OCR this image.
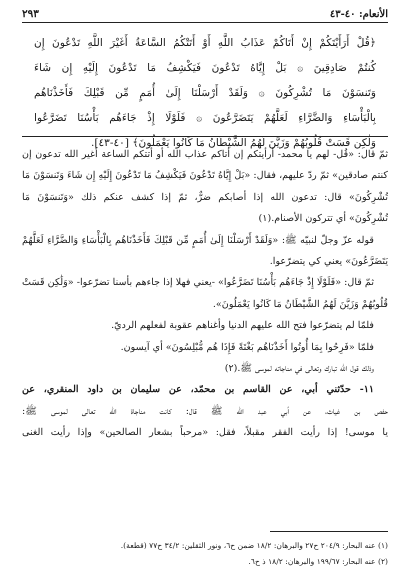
الأنعام: ٤٠-٤٣
٢٩٣
﴿قُلْ أَرَأَيْتَكُمْ إِنْ أَتَاكُمْ عَذَابُ اللَّهِ أَوْ أَتَتْكُمُ السَّاعَةُ أَغَيْرَ اللَّهِ تَدْعُونَ إِن
كُنتُمْ صَادِقِينَ ۞ بَلْ إِيَّاهُ تَدْعُونَ فَيَكْشِفُ مَا تَدْعُونَ إِلَيْهِ إِن شَاءَ
وَتَنسَوْنَ مَا تُشْرِكُونَ ۞ وَلَقَدْ أَرْسَلْنَا إِلَىٰ أُمَمٍ مِّن قَبْلِكَ فَأَخَذْنَاهُم
بِالْبَأْسَاءِ وَالضَّرَّاءِ لَعَلَّهُمْ يَتَضَرَّعُونَ ۞ فَلَوْلَا إِذْ جَاءَهُم بَأْسُنَا تَضَرَّعُوا
وَلَٰكِن قَسَتْ قُلُوبُهُمْ وَزَيَّنَ لَهُمُ الشَّيْطَانُ مَا كَانُوا يَعْمَلُونَ﴾ [٤٠-٤٣].
ثمّ قال: «قُل- لهم يا محمد- أرأيتكم إن أتاكم عذاب الله أو أتتكم الساعة أغير الله تدعون إن
كنتم صادقين» ثمّ ردّ عليهم، فقال: «بَلْ إِيَّاهُ تَدْعُونَ فَيَكْشِفُ مَا تَدْعُونَ إِلَيْهِ إِن شَاءَ وَتَنسَوْنَ مَا
تُشْرِكُونَ» قال: تدعون الله إذا أصابكم ضرٌّ، ثمّ إذا كشف عنكم ذلك «وَتَنسَوْنَ مَا
تُشْرِكُونَ» أي تتركون الأصنام.(١)
قوله عزّ وجلّ لنبيّه ﷺ: «وَلَقَدْ أَرْسَلْنَا إِلَىٰ أُمَمٍ مِّن قَبْلِكَ فَأَخَذْنَاهُم بِالْبَأْسَاءِ وَالضَّرَّاءِ لَعَلَّهُمْ
يَتَضَرَّعُونَ» يعني كي يتضرّعوا.
ثمّ قال: «فَلَوْلَا إِذْ جَاءَهُم بَأْسُنَا تَضَرَّعُوا» -يعني فهلا إذا جاءهم بأسنا تضرّعوا- «وَلَٰكِن قَسَتْ
قُلُوبُهُمْ وَزَيَّنَ لَهُمُ الشَّيْطَانُ مَا كَانُوا يَعْمَلُونَ».
فلمّا لم يتضرّعوا فتح الله عليهم الدنيا وأغناهم عقوبة لفعلهم الرديّ.
فلمّا «فَرِحُوا بِمَا أُوتُوا أَخَذْنَاهُم بَغْتَةً فَإِذَا هُم مُّبْلِسُونَ» أي آيسون.
وذلك قول الله تبارك وتعالى في مناجاته لموسى ﷺ.(٢)
١١- حدّثني أبي، عن القاسم بن محمّد، عن سليمان بن داود المنقري، عن
حفص بن غياث، عن أبي عبد الله ﷺ قال: كانت مناجاة الله تعالى لموسى ﷺ:
يا موسى! إذا رأيت الفقر مقبلاً، فقل: «مرحباً بشعار الصالحين» وإذا رأيت الغنى
(١) عنه البحار: ٢٠٤/٩ ح٢٧ والبرهان: ١٨/٢ ضمن ح٦، ونور الثقلين: ٣٤/٢ ح٧٧ (قطعة).
(٢) عنه البحار: ١٩٩/٦٧ والبرهان: ١٨/٢ ذ ح٦.
